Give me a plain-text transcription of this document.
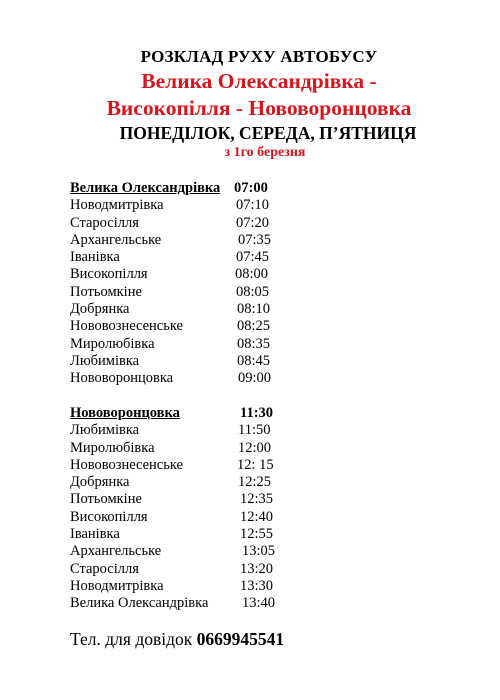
РОЗКЛАД РУХУ АВТОБУСУ
Велика Олександрівка -
Високопілля - Нововоронцовка
ПОНЕДІЛОК, СЕРЕДА, П’ЯТНИЦЯ
з 1го березня
Велика Олександрівка 07:00
Новодмитрівка	07:10
Старосілля	07:20
Архангельське	07:35
Іванівка	07:45
Високопілля	08:00
Потьомкіне	08:05
Добрянка	08:10
Нововознесенське	08:25
Миролюбівка	08:35
Любимівка	08:45
Нововоронцовка	09:00
Нововоронцовка	11:30
Любимівка	11:50
Миролюбівка	12:00
Нововознесенське	12: 15
Добрянка	12:25
Потьомкіне	12:35
Високопілля	12:40
Іванівка	12:55
Архангельське	13:05
Старосілля	13:20
Новодмитрівка	13:30
Велика Олександрівка 13:40
Тел. для довідок 0669945541
